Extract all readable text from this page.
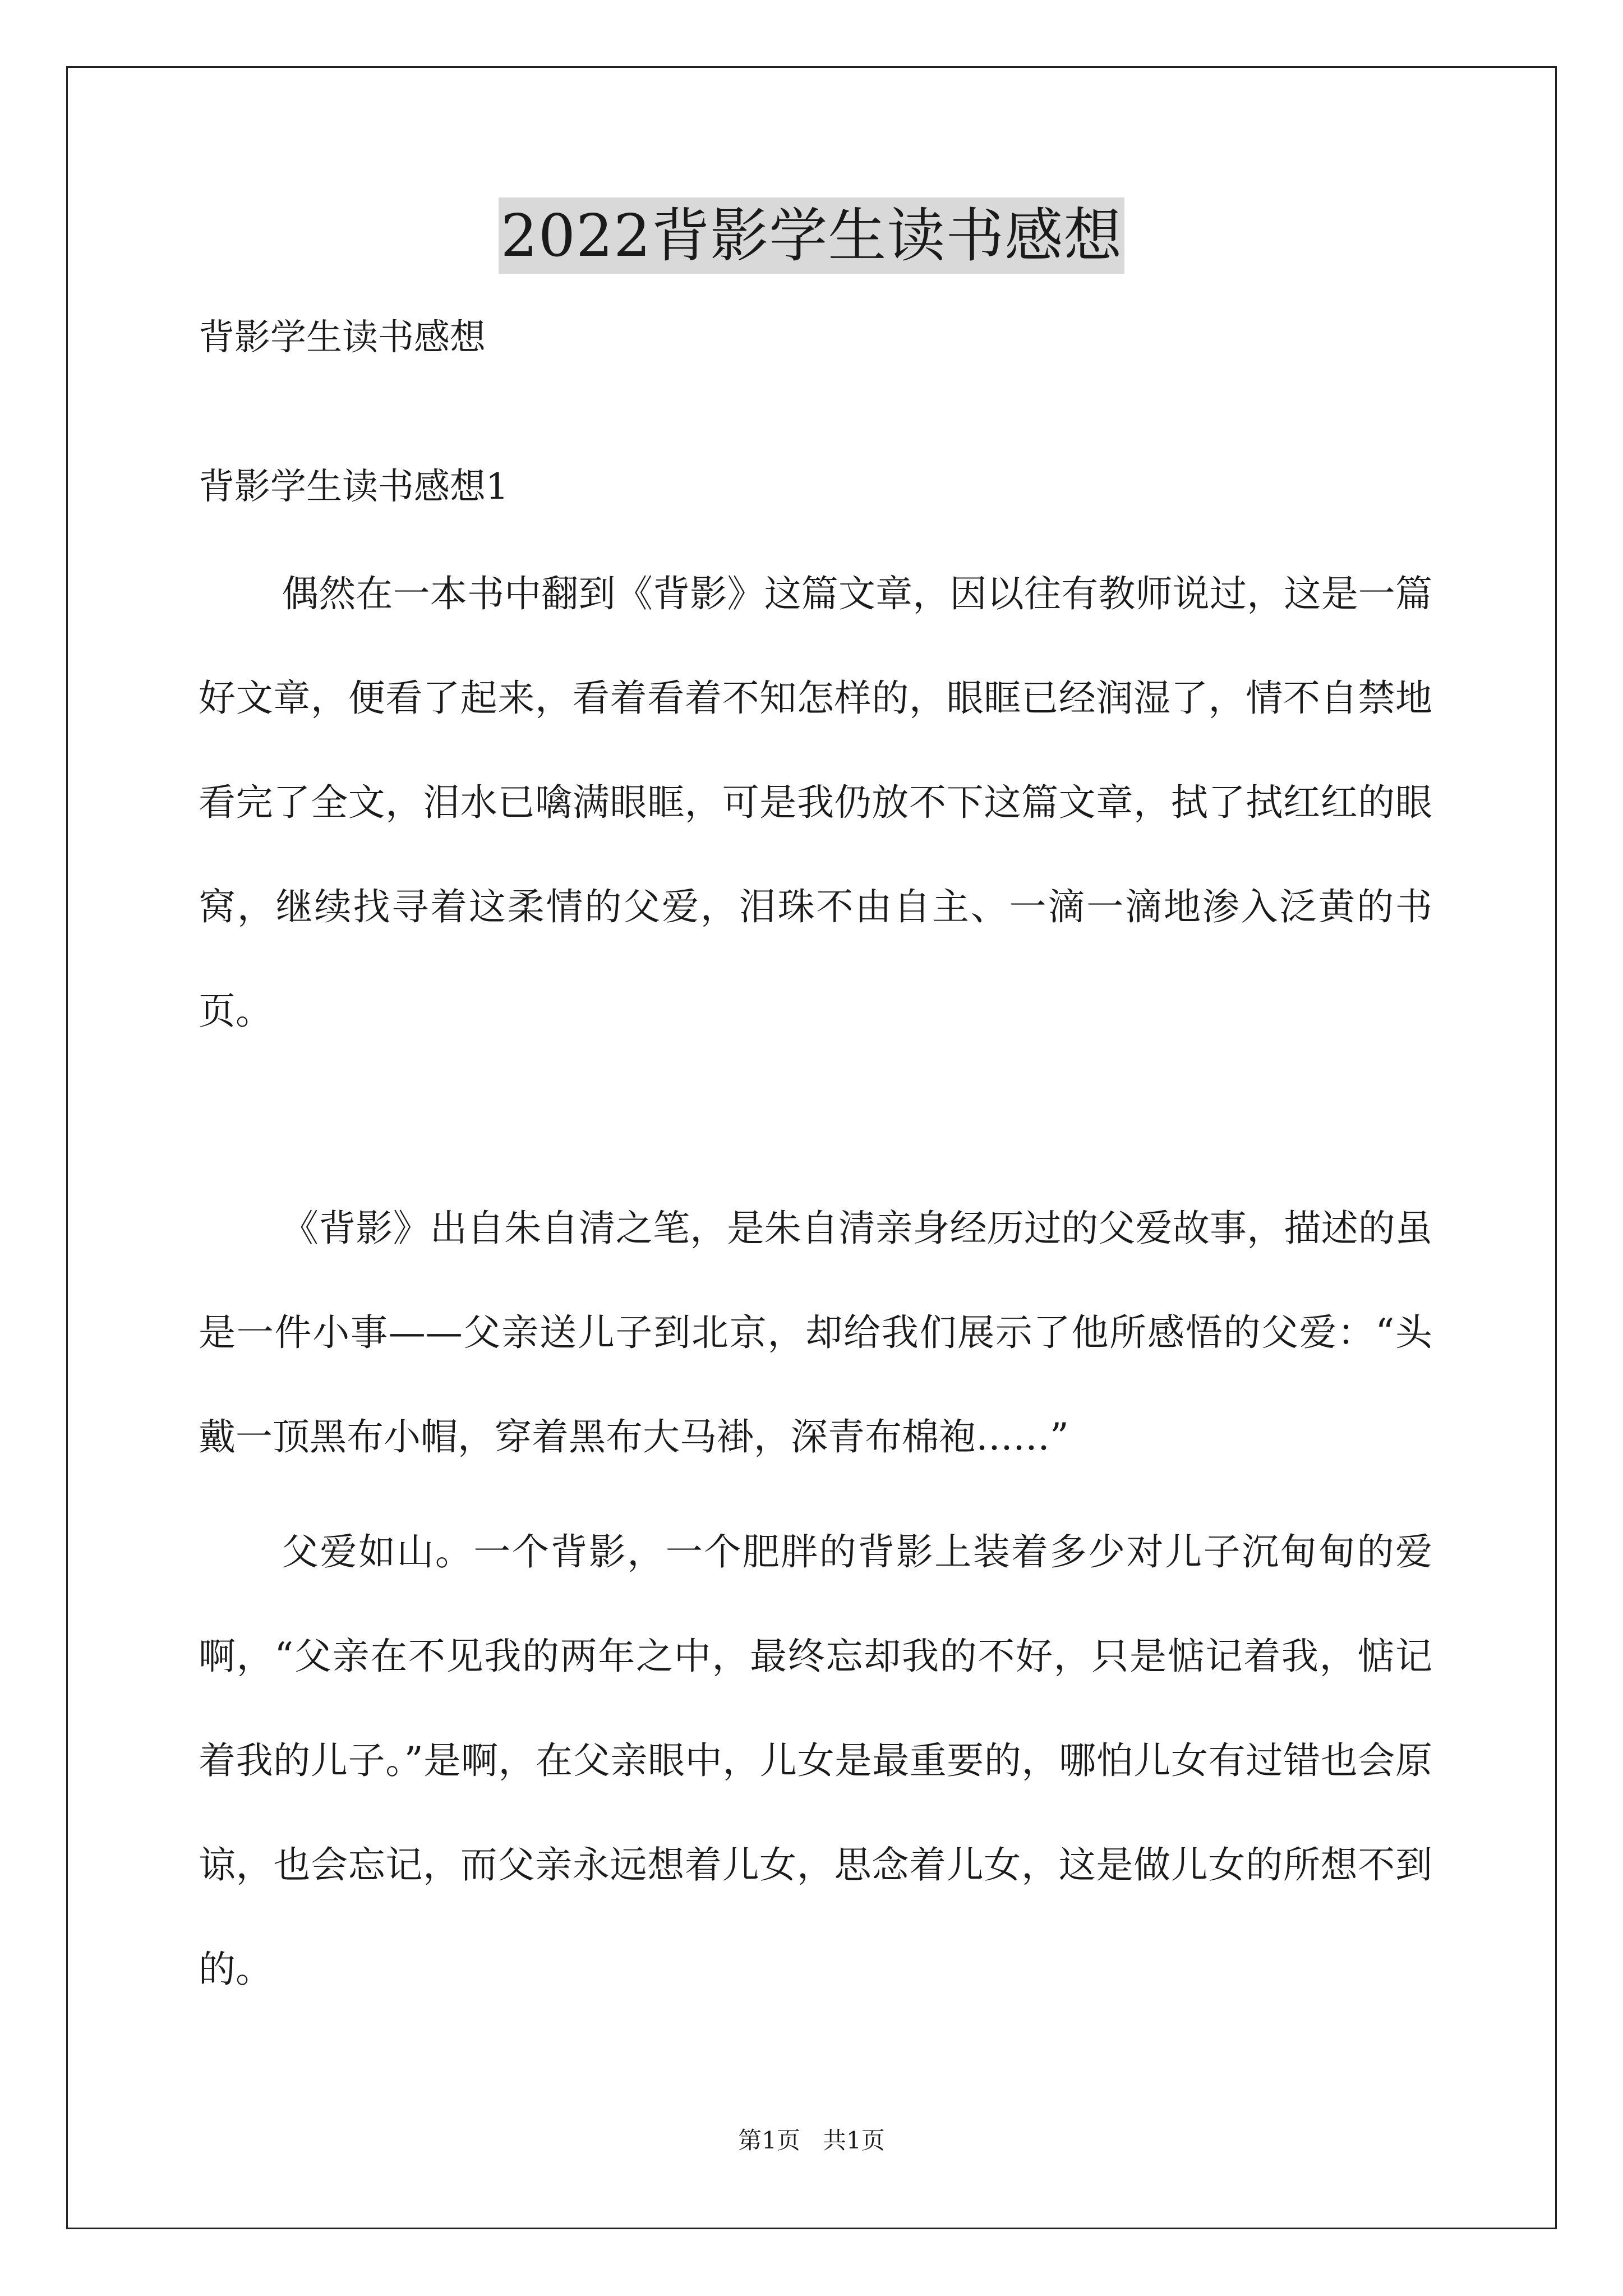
2022背影学生读书感想
背影学生读书感想
背影学生读书感想1

偶然在一本书中翻到《背影》这篇文章，因以往有教师说过，这是一篇好文章，便看了起来，看着看着不知怎样的，眼眶已经润湿了，情不自禁地看完了全文，泪水已噙满眼眶，可是我仍放不下这篇文章，拭了拭红红的眼窝，继续找寻着这柔情的父爱，泪珠不由自主、一滴一滴地渗入泛黄的书页。

《背影》出自朱自清之笔，是朱自清亲身经历过的父爱故事，描述的虽是一件小事——父亲送儿子到北京，却给我们展示了他所感悟的父爱：“头戴一顶黑布小帽，穿着黑布大马褂，深青布棉袍……”

父爱如山。一个背影，一个肥胖的背影上装着多少对儿子沉甸甸的爱啊，“父亲在不见我的两年之中，最终忘却我的不好，只是惦记着我，惦记着我的儿子。”是啊，在父亲眼中，儿女是最重要的，哪怕儿女有过错也会原谅，也会忘记，而父亲永远想着儿女，思念着儿女，这是做儿女的所想不到的。

第1页   共1页
